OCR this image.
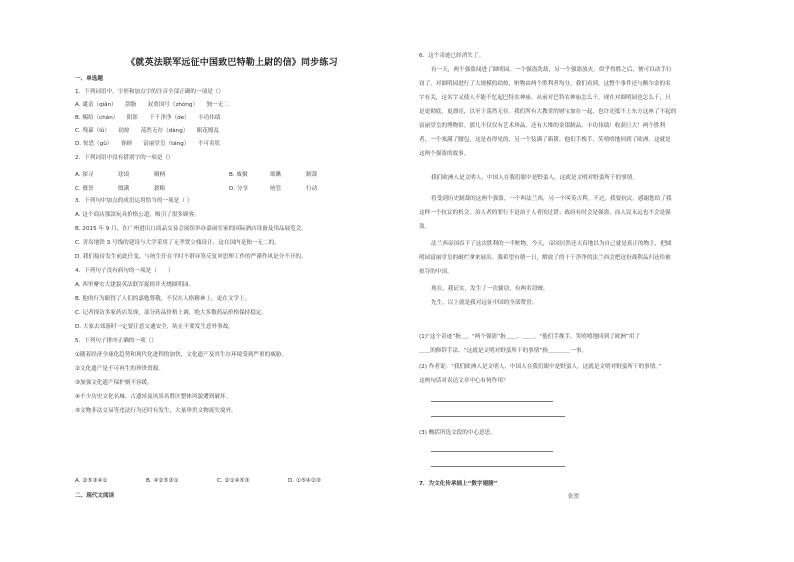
《就英法联军远征中国致巴特勒上尉的信》同步练习
一、单选题
1．下列词语中，字形和加点字的注音全部正确的一项是（）
A. 谴责（qiǎn）　　刮脂　　双重国号（zhòng）　　独一无二
B. 赐给（chān）　　阳影　　千千净净（de）　　丰功伟绩
C. 残暴（lǜ）　　劫掠　　荡然无存（dàng）　　眼花缭乱
D. 惊恐（gǔ）　　眷顾　　富丽堂皇（táng）　　不可名状
2．下列词语中没有错别字的一项是（）
A. 探寻	珐琅	殿柄	B. 威慑	细瞅	制裁
C. 赘誉	缀满	薪粮	D. 分享	统管	行动
3．下列句中加点的成语运用恰当的一项是（ ）
A. 这个商店那款玩具价格公道，吸引了很多顾客。
B. 2015 年 9 月，在广州进出口商品交易会展馆举办嘉丽室家的国际酒店设备及用品展览会。
C. 青岛地铁 3 号线的建设与大学采用了无孝置立栈设计，这在国内是独一无二的。
D. 我们接待发生前此任变，与统生任在平时不群异签反复审思理工作的严谨作风是分不开的。
4．下列句子没有病句的一项是（　　）
A. 西里摩宏大建貌英法联军捉掠并火烧圆明园。
B. 他的行为跟得了人们的嘉勉尊敬，不仅在人格精神上，更在文学上。
C. 记者探访多家药店发现，部分药品价格上调，绝大多数药品价格保持稳定。
D. 大家去郊游时一定要注意交通安全，防止不要发生意外事故。
5．下列句子排序正确的一项（）
①随着经济全球化趋势和现代化进程的加快，文化遗产及其生存环境受到严重的威胁。
②文化遗产是不可再生的珍贵资源。
③加强文化遗产保护刻不容缓。
④不少历史文化名城、古遗址及风景名胜区整体风貌遭到破坏。
⑤文物非法交易等违法行为还时有发生，大量珍贵文物流失境外。
A. ②⑤③④①	B. ④②⑤③①	C. ②①④⑤③	D. ①⑤④②③
二、现代文阅读
6．这个奇迹已经消失了。
有一天，两个强盗闯进了圆明园。一个强盗洗劫，另一个强盗放火。似乎得胜之后，便可以动手行
窃了。对圆明园进行了大规模的劫掠，赃物由两个胜利者均分。我们看到，这整个事件还与额尔金的名
字有关，这名字又使人不能不忆起巴特农神庙。从前对巴特农神庙怎么干，现在对圆明园也怎么干，只
是更彻底，更漂亮，以至于荡然无存。我们所有大教堂的财宝加在一起，也许还抵不上东方这座了不起的
富丽堂皇的博物馆。那儿不仅仅有艺术珍品，还有大堆的金银制品。丰功伟绩！收获巨大！两个胜利
者，一个塞满了腰包，这是看得见的，另一个装满了箱箧。他们手挽手，笑嘻嘻地回到了欧洲。这就是
这两个强盗的故事。
我们欧洲人是文明人，中国人在我们眼中是野蛮人。这就是文明对野蛮所干的事情。
将受到历史制裁的这两个强盗，一个叫法兰西，另一个叫英吉利。不过，我要抗议，感谢您给了我
这样一个抗议的机会。治人者的罪行不是治于人者的过错；政府有时会是强盗，而人民永远也不会是强
盗。
法兰西帝国吞下了这次胜利的一半赃物，今天，帝国居然还天真地以为自己就是真正的物主，把圆
明园富丽堂皇的破烂拿来展出。我希望有朝一日，解放了的干干净净的法兰西会把这份战利品归还给被
掠夺的中国。
现在，我证实，发生了一次偷窃，有两名窃贼。
先生，以上就是我对远征中国的全部赞誉。
(1)“这个奇迹”指＿，“两个强盗”指＿＿、＿＿。“他们手挽手，笑嘻嘻地回到了欧洲”用了
＿＿的修辞手法。“这就是文明对野蛮所干的事情”指＿＿＿＿一事。
(2) 作者说：“我们欧洲人是文明人，中国人在我们眼中是野蛮人。这就是文明对野蛮所干的事情。”
这两句话对表达文章中心有何作用？
(3) 概括所选文段的中心意思。
7．为文化传承插上“数字翅膀”
张贺
